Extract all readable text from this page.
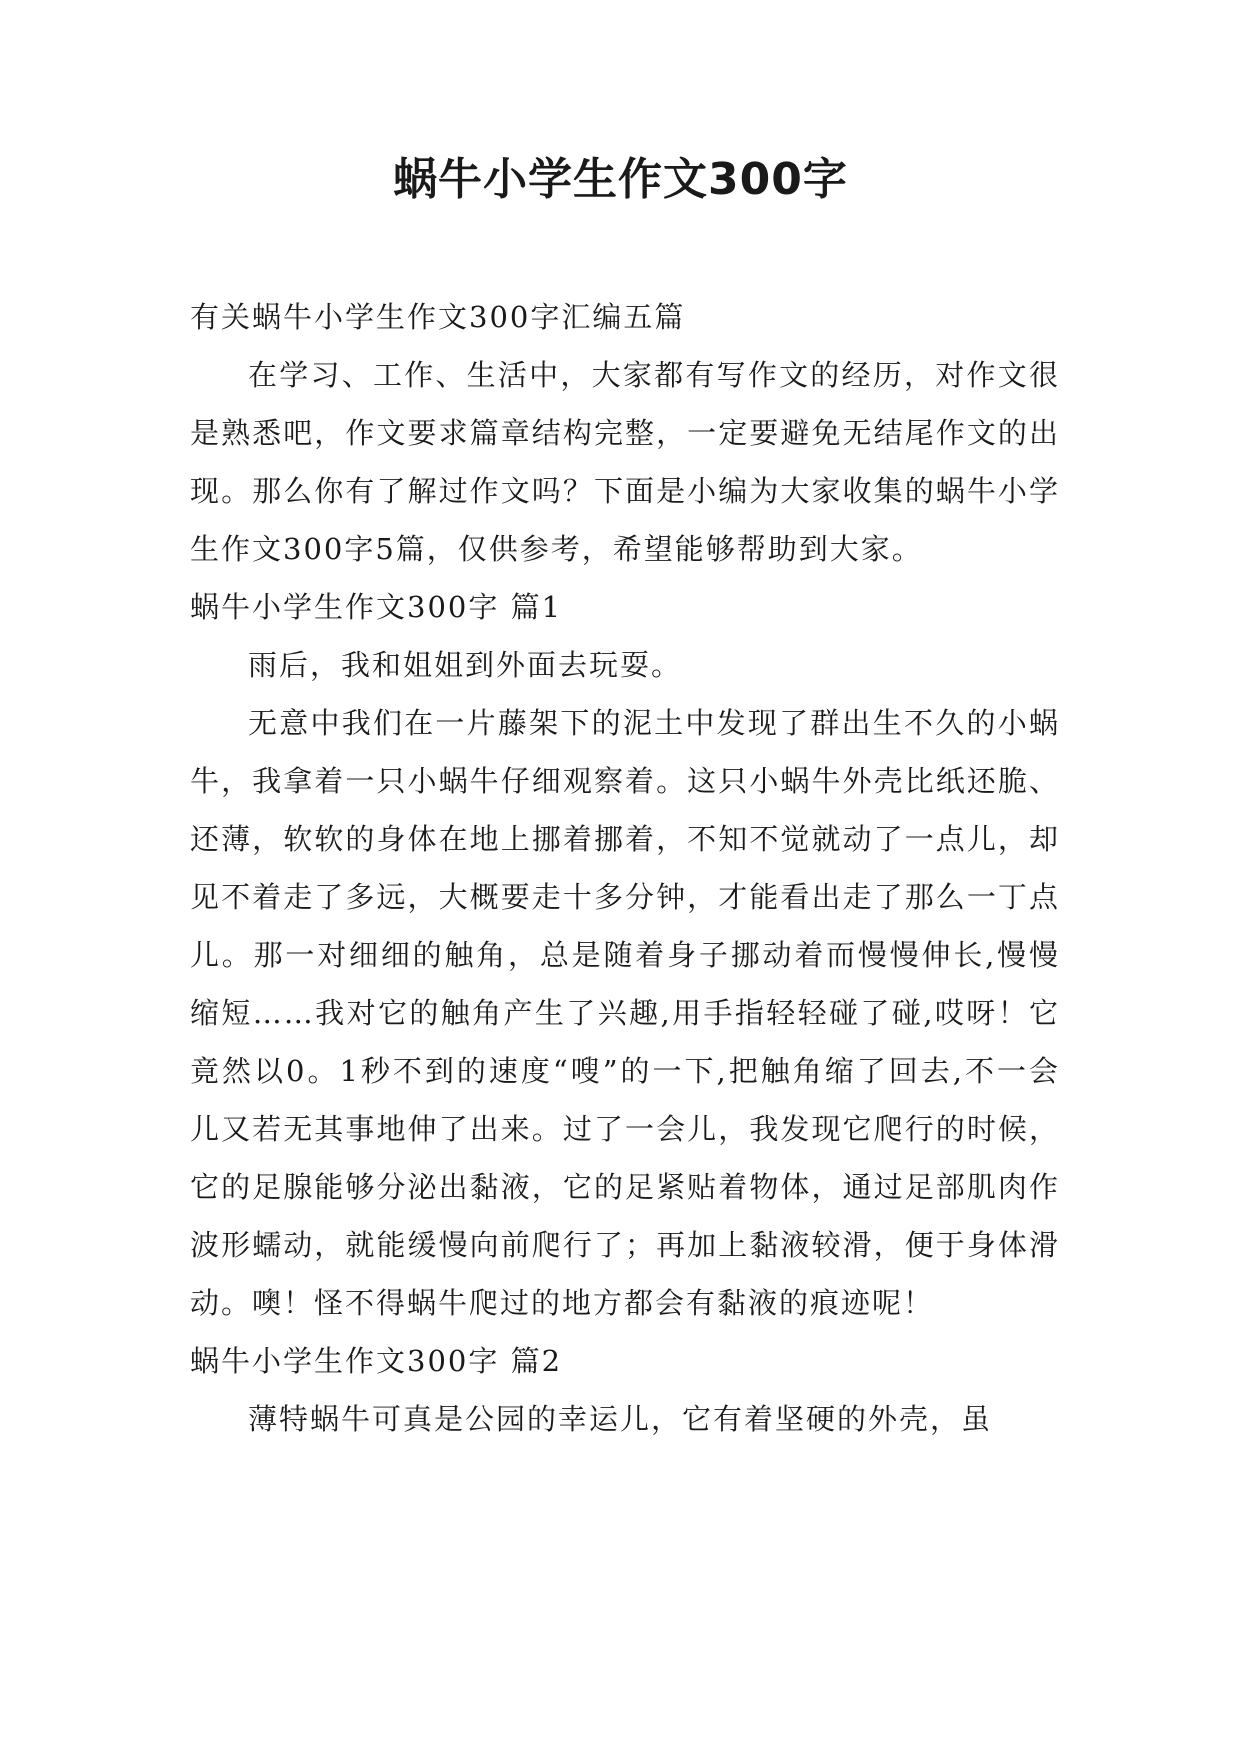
蜗牛小学生作文300字

有关蜗牛小学生作文300字汇编五篇

在学习、工作、生活中，大家都有写作文的经历，对作文很是熟悉吧，作文要求篇章结构完整，一定要避免无结尾作文的出现。那么你有了解过作文吗？下面是小编为大家收集的蜗牛小学生作文300字5篇，仅供参考，希望能够帮助到大家。

蜗牛小学生作文300字 篇1

雨后，我和姐姐到外面去玩耍。

无意中我们在一片藤架下的泥土中发现了群出生不久的小蜗牛，我拿着一只小蜗牛仔细观察着。这只小蜗牛外壳比纸还脆、还薄，软软的身体在地上挪着挪着，不知不觉就动了一点儿，却见不着走了多远，大概要走十多分钟，才能看出走了那么一丁点儿。那一对细细的触角，总是随着身子挪动着而慢慢伸长,慢慢缩短……我对它的触角产生了兴趣,用手指轻轻碰了碰,哎呀！它竟然以0。1秒不到的速度“嗖”的一下,把触角缩了回去,不一会儿又若无其事地伸了出来。过了一会儿，我发现它爬行的时候，它的足腺能够分泌出黏液，它的足紧贴着物体，通过足部肌肉作波形蠕动，就能缓慢向前爬行了；再加上黏液较滑，便于身体滑动。噢！怪不得蜗牛爬过的地方都会有黏液的痕迹呢！

蜗牛小学生作文300字 篇2

薄特蜗牛可真是公园的幸运儿，它有着坚硬的外壳，虽
